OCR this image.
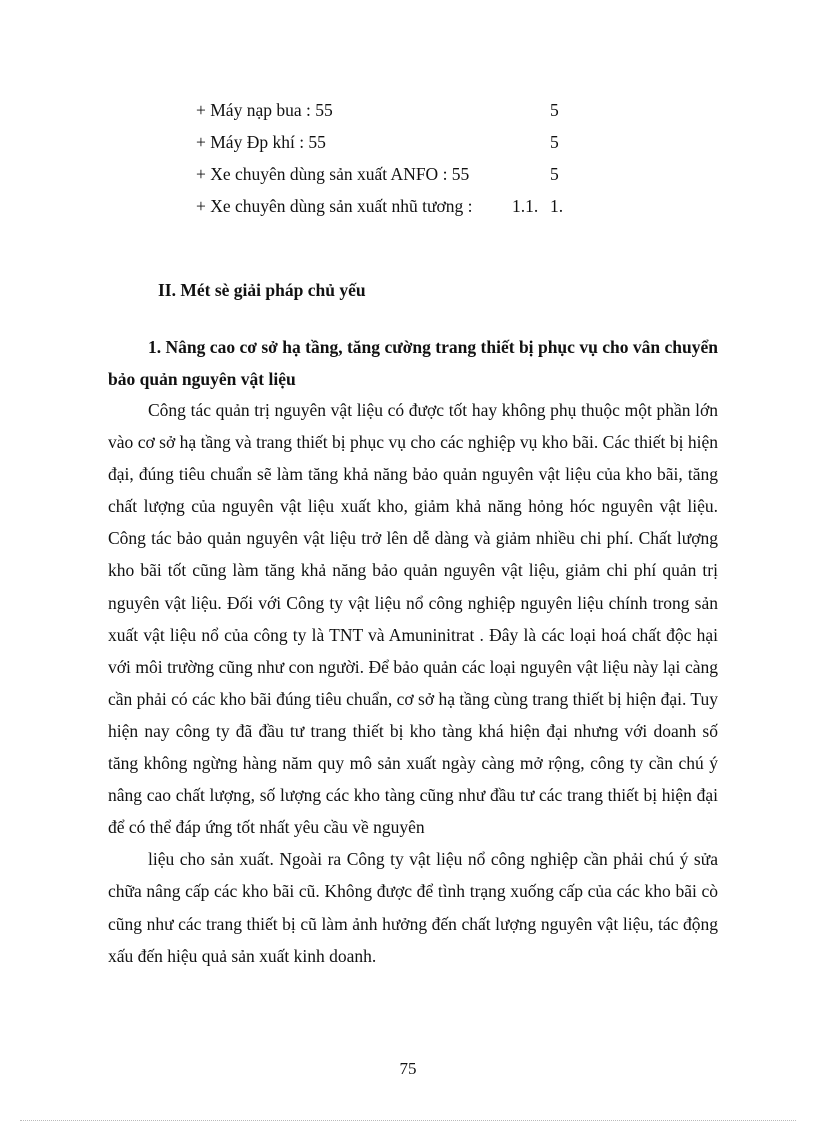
+ Máy nạp bua : 55	5
+ Máy Đp khí : 55	5
+ Xe chuyên dùng sản xuất ANFO : 55	5
+ Xe chuyên dùng sản xuất nhũ tương : 1.1. 1.
II. Mét sè giải pháp chủ yếu
1. Nâng cao cơ sở hạ tầng, tăng cường trang thiết bị phục vụ cho vân chuyển bảo quản nguyên vật liệu

Công tác quản trị nguyên vật liệu có được tốt hay không phụ thuộc một phần lớn vào cơ sở hạ tầng và trang thiết bị phục vụ cho các nghiệp vụ kho bãi. Các thiết bị hiện đại, đúng tiêu chuẩn sẽ làm tăng khả năng bảo quản nguyên vật liệu của kho bãi, tăng chất lượng của nguyên vật liệu xuất kho, giảm khả năng hỏng hóc nguyên vật liệu. Công tác bảo quản nguyên vật liệu trở lên dễ dàng và giảm nhiều chi phí. Chất lượng kho bãi tốt cũng làm tăng khả năng bảo quản nguyên vật liệu, giảm chi phí quản trị nguyên vật liệu. Đối với Công ty vật liệu nổ công nghiệp nguyên liệu chính trong sản xuất vật liệu nổ của công ty là TNT và Amuninitrat . Đây là các loại hoá chất độc hại với môi trường cũng như con người. Để bảo quản các loại nguyên vật liệu này lại càng cần phải có các kho bãi đúng tiêu chuẩn, cơ sở hạ tầng cùng trang thiết bị hiện đại. Tuy hiện nay công ty đã đầu tư trang thiết bị kho tàng khá hiện đại nhưng với doanh số tăng không ngừng hàng năm quy mô sản xuất ngày càng mở rộng, công ty cần chú ý nâng cao chất lượng, số lượng các kho tàng cũng như đầu tư các trang thiết bị hiện đại để có thể đáp ứng tốt nhất yêu cầu về nguyên

liệu cho sản xuất. Ngoài ra Công ty vật liệu nổ công nghiệp cần phải chú ý sửa chữa nâng cấp các kho bãi cũ. Không được để tình trạng xuống cấp của các kho bãi cò cũng như các trang thiết bị cũ làm ảnh hưởng đến chất lượng nguyên vật liệu, tác động xấu đến hiệu quả sản xuất kinh doanh.

75
